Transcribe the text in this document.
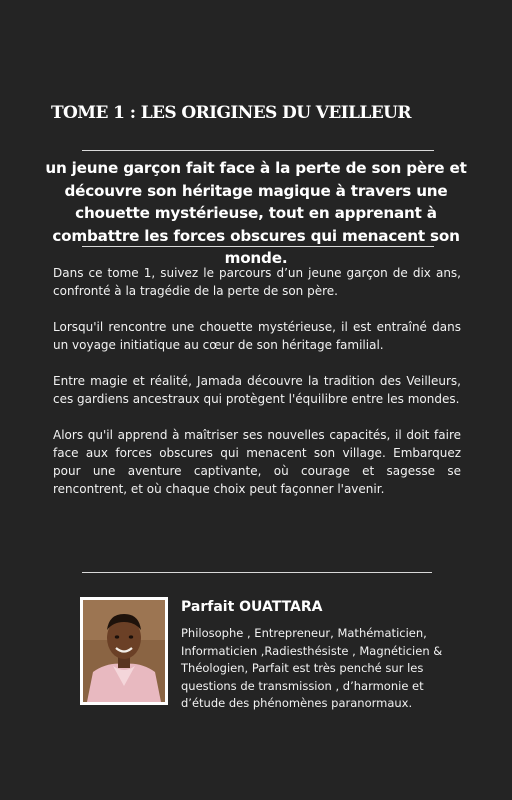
TOME 1 : LES ORIGINES DU VEILLEUR

un jeune garçon fait face à la perte de son père et découvre son héritage magique à travers une chouette mystérieuse, tout en apprenant à combattre les forces obscures qui menacent son monde.

Dans ce tome 1, suivez le parcours d’un jeune garçon de dix ans, confronté à la tragédie de la perte de son père.

Lorsqu'il rencontre une chouette mystérieuse, il est entraîné dans un voyage initiatique au cœur de son héritage familial.

Entre magie et réalité, Jamada découvre la tradition des Veilleurs, ces gardiens ancestraux qui protègent l'équilibre entre les mondes.

Alors qu'il apprend à maîtriser ses nouvelles capacités, il doit faire face aux forces obscures qui menacent son village. Embarquez pour une aventure captivante, où courage et sagesse se rencontrent, et où chaque choix peut façonner l'avenir.

Parfait OUATTARA

Philosophe , Entrepreneur, Mathématicien, Informaticien ,Radiesthésiste , Magnéticien & Théologien, Parfait est très penché sur les questions de transmission , d’harmonie et d’étude des phénomènes paranormaux.
